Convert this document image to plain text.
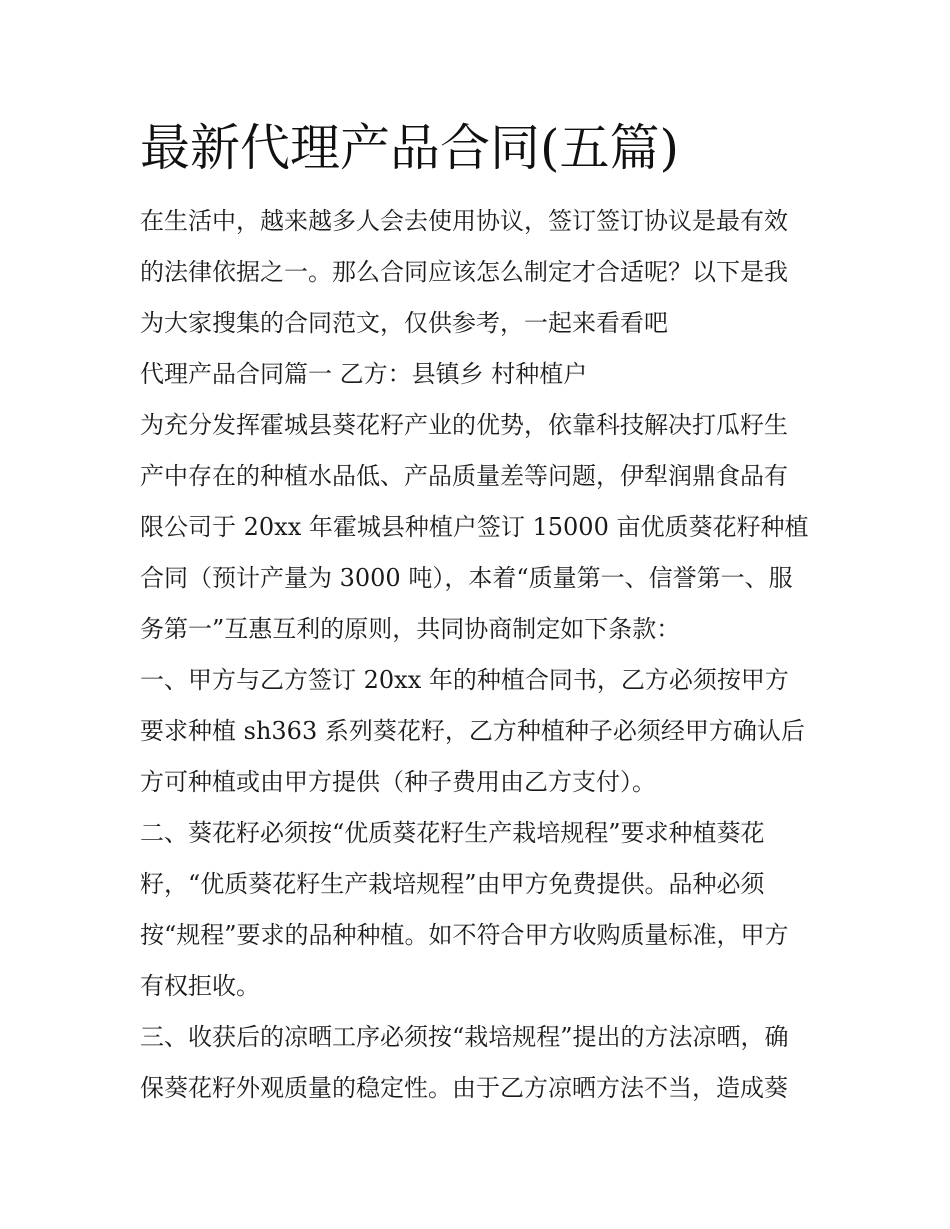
最新代理产品合同(五篇)
在生活中，越来越多人会去使用协议，签订签订协议是最有效
的法律依据之一。那么合同应该怎么制定才合适呢？以下是我
为大家搜集的合同范文，仅供参考，一起来看看吧
代理产品合同篇一 乙方：县镇乡 村种植户
为充分发挥霍城县葵花籽产业的优势，依靠科技解决打瓜籽生
产中存在的种植水品低、产品质量差等问题，伊犁润鼎食品有
限公司于 20xx 年霍城县种植户签订 15000 亩优质葵花籽种植
合同（预计产量为 3000 吨），本着“质量第一、信誉第一、服
务第一”互惠互利的原则，共同协商制定如下条款：
一、甲方与乙方签订 20xx 年的种植合同书，乙方必须按甲方
要求种植 sh363 系列葵花籽，乙方种植种子必须经甲方确认后
方可种植或由甲方提供（种子费用由乙方支付）。
二、葵花籽必须按“优质葵花籽生产栽培规程”要求种植葵花
籽，“优质葵花籽生产栽培规程”由甲方免费提供。品种必须
按“规程”要求的品种种植。如不符合甲方收购质量标准，甲方
有权拒收。
三、收获后的凉晒工序必须按“栽培规程”提出的方法凉晒，确
保葵花籽外观质量的稳定性。由于乙方凉晒方法不当，造成葵
